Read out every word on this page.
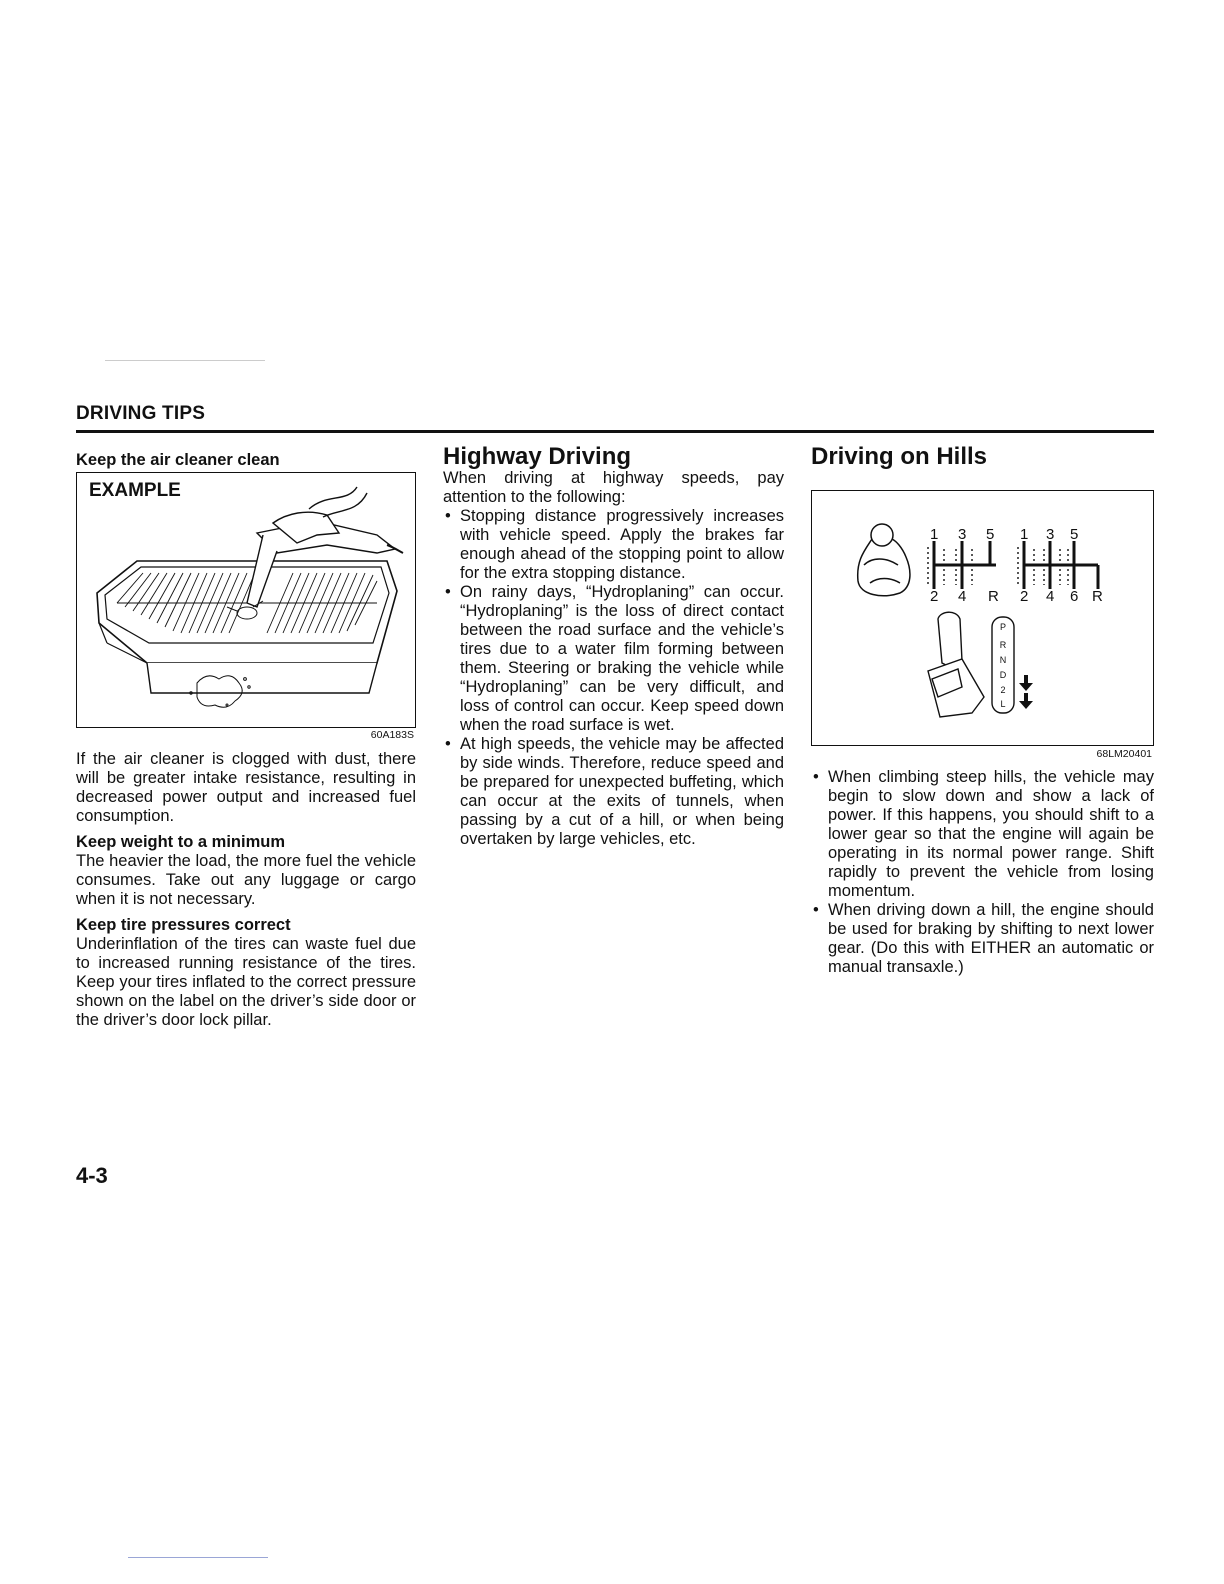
DRIVING TIPS
Keep the air cleaner clean
EXAMPLE
60A183S

If the air cleaner is clogged with dust, there will be greater intake resistance, resulting in decreased power output and increased fuel consumption.

Keep weight to a minimum

The heavier the load, the more fuel the vehicle consumes. Take out any luggage or cargo when it is not necessary.

Keep tire pressures correct

Underinflation of the tires can waste fuel due to increased running resistance of the tires. Keep your tires inflated to the correct pressure shown on the label on the driver’s side door or the driver’s door lock pillar.

Highway Driving

When driving at highway speeds, pay attention to the following:

• Stopping distance progressively increases with vehicle speed. Apply the brakes far enough ahead of the stopping point to allow for the extra stopping distance.
• On rainy days, “Hydroplaning” can occur. “Hydroplaning” is the loss of direct contact between the road surface and the vehicle’s tires due to a water film forming between them. Steering or braking the vehicle while “Hydroplaning” can be very difficult, and loss of control can occur. Keep speed down when the road surface is wet.
• At high speeds, the vehicle may be affected by side winds. Therefore, reduce speed and be prepared for unexpected buffeting, which can occur at the exits of tunnels, when passing by a cut of a hill, or when being overtaken by large vehicles, etc.
Driving on Hills
1 3 5
2 4 R
1 3 5
2 4 6 R
P
R
N
D
2
L
68LM20401
• When climbing steep hills, the vehicle may begin to slow down and show a lack of power. If this happens, you should shift to a lower gear so that the engine will again be operating in its normal power range. Shift rapidly to prevent the vehicle from losing momentum.
• When driving down a hill, the engine should be used for braking by shifting to next lower gear. (Do this with EITHER an automatic or manual transaxle.)
4-3
